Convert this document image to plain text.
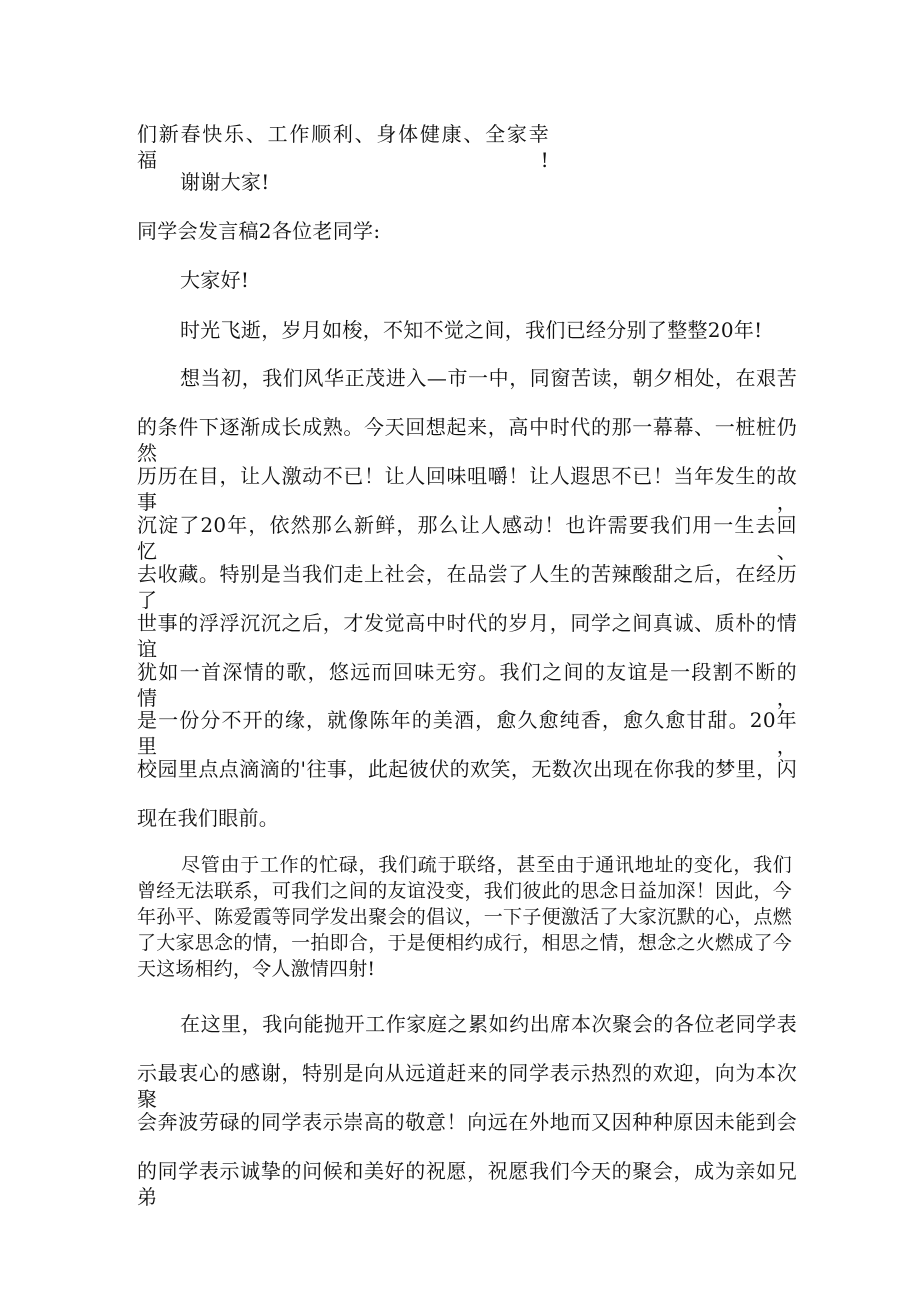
们新春快乐、工作顺利、身体健康、全家幸福!
谢谢大家!
同学会发言稿2各位老同学:
大家好!
时光飞逝，岁月如梭，不知不觉之间，我们已经分别了整整20年!
想当初，我们风华正茂进入—市一中，同窗苦读，朝夕相处，在艰苦
的条件下逐渐成长成熟。今天回想起来，高中时代的那一幕幕、一桩桩仍然
历历在目，让人激动不已！让人回味咀嚼！让人遐思不已！当年发生的故事，
沉淀了20年，依然那么新鲜，那么让人感动！也许需要我们用一生去回忆、
去收藏。特别是当我们走上社会，在品尝了人生的苦辣酸甜之后，在经历了
世事的浮浮沉沉之后，才发觉高中时代的岁月，同学之间真诚、质朴的情谊
犹如一首深情的歌，悠远而回味无穷。我们之间的友谊是一段割不断的情，
是一份分不开的缘，就像陈年的美酒，愈久愈纯香，愈久愈甘甜。20年里，
校园里点点滴滴的'往事，此起彼伏的欢笑，无数次出现在你我的梦里，闪
现在我们眼前。
尽管由于工作的忙碌，我们疏于联络，甚至由于通讯地址的变化，我们曾经无法联系，可我们之间的友谊没变，我们彼此的思念日益加深！因此，今年孙平、陈爱霞等同学发出聚会的倡议，一下子便激活了大家沉默的心，点燃了大家思念的情，一拍即合，于是便相约成行，相思之情，想念之火燃成了今天这场相约，令人激情四射!
在这里，我向能抛开工作家庭之累如约出席本次聚会的各位老同学表
示最衷心的感谢，特别是向从远道赶来的同学表示热烈的欢迎，向为本次聚
会奔波劳碌的同学表示崇高的敬意！向远在外地而又因种种原因未能到会
的同学表示诚挚的问候和美好的祝愿，祝愿我们今天的聚会，成为亲如兄弟
